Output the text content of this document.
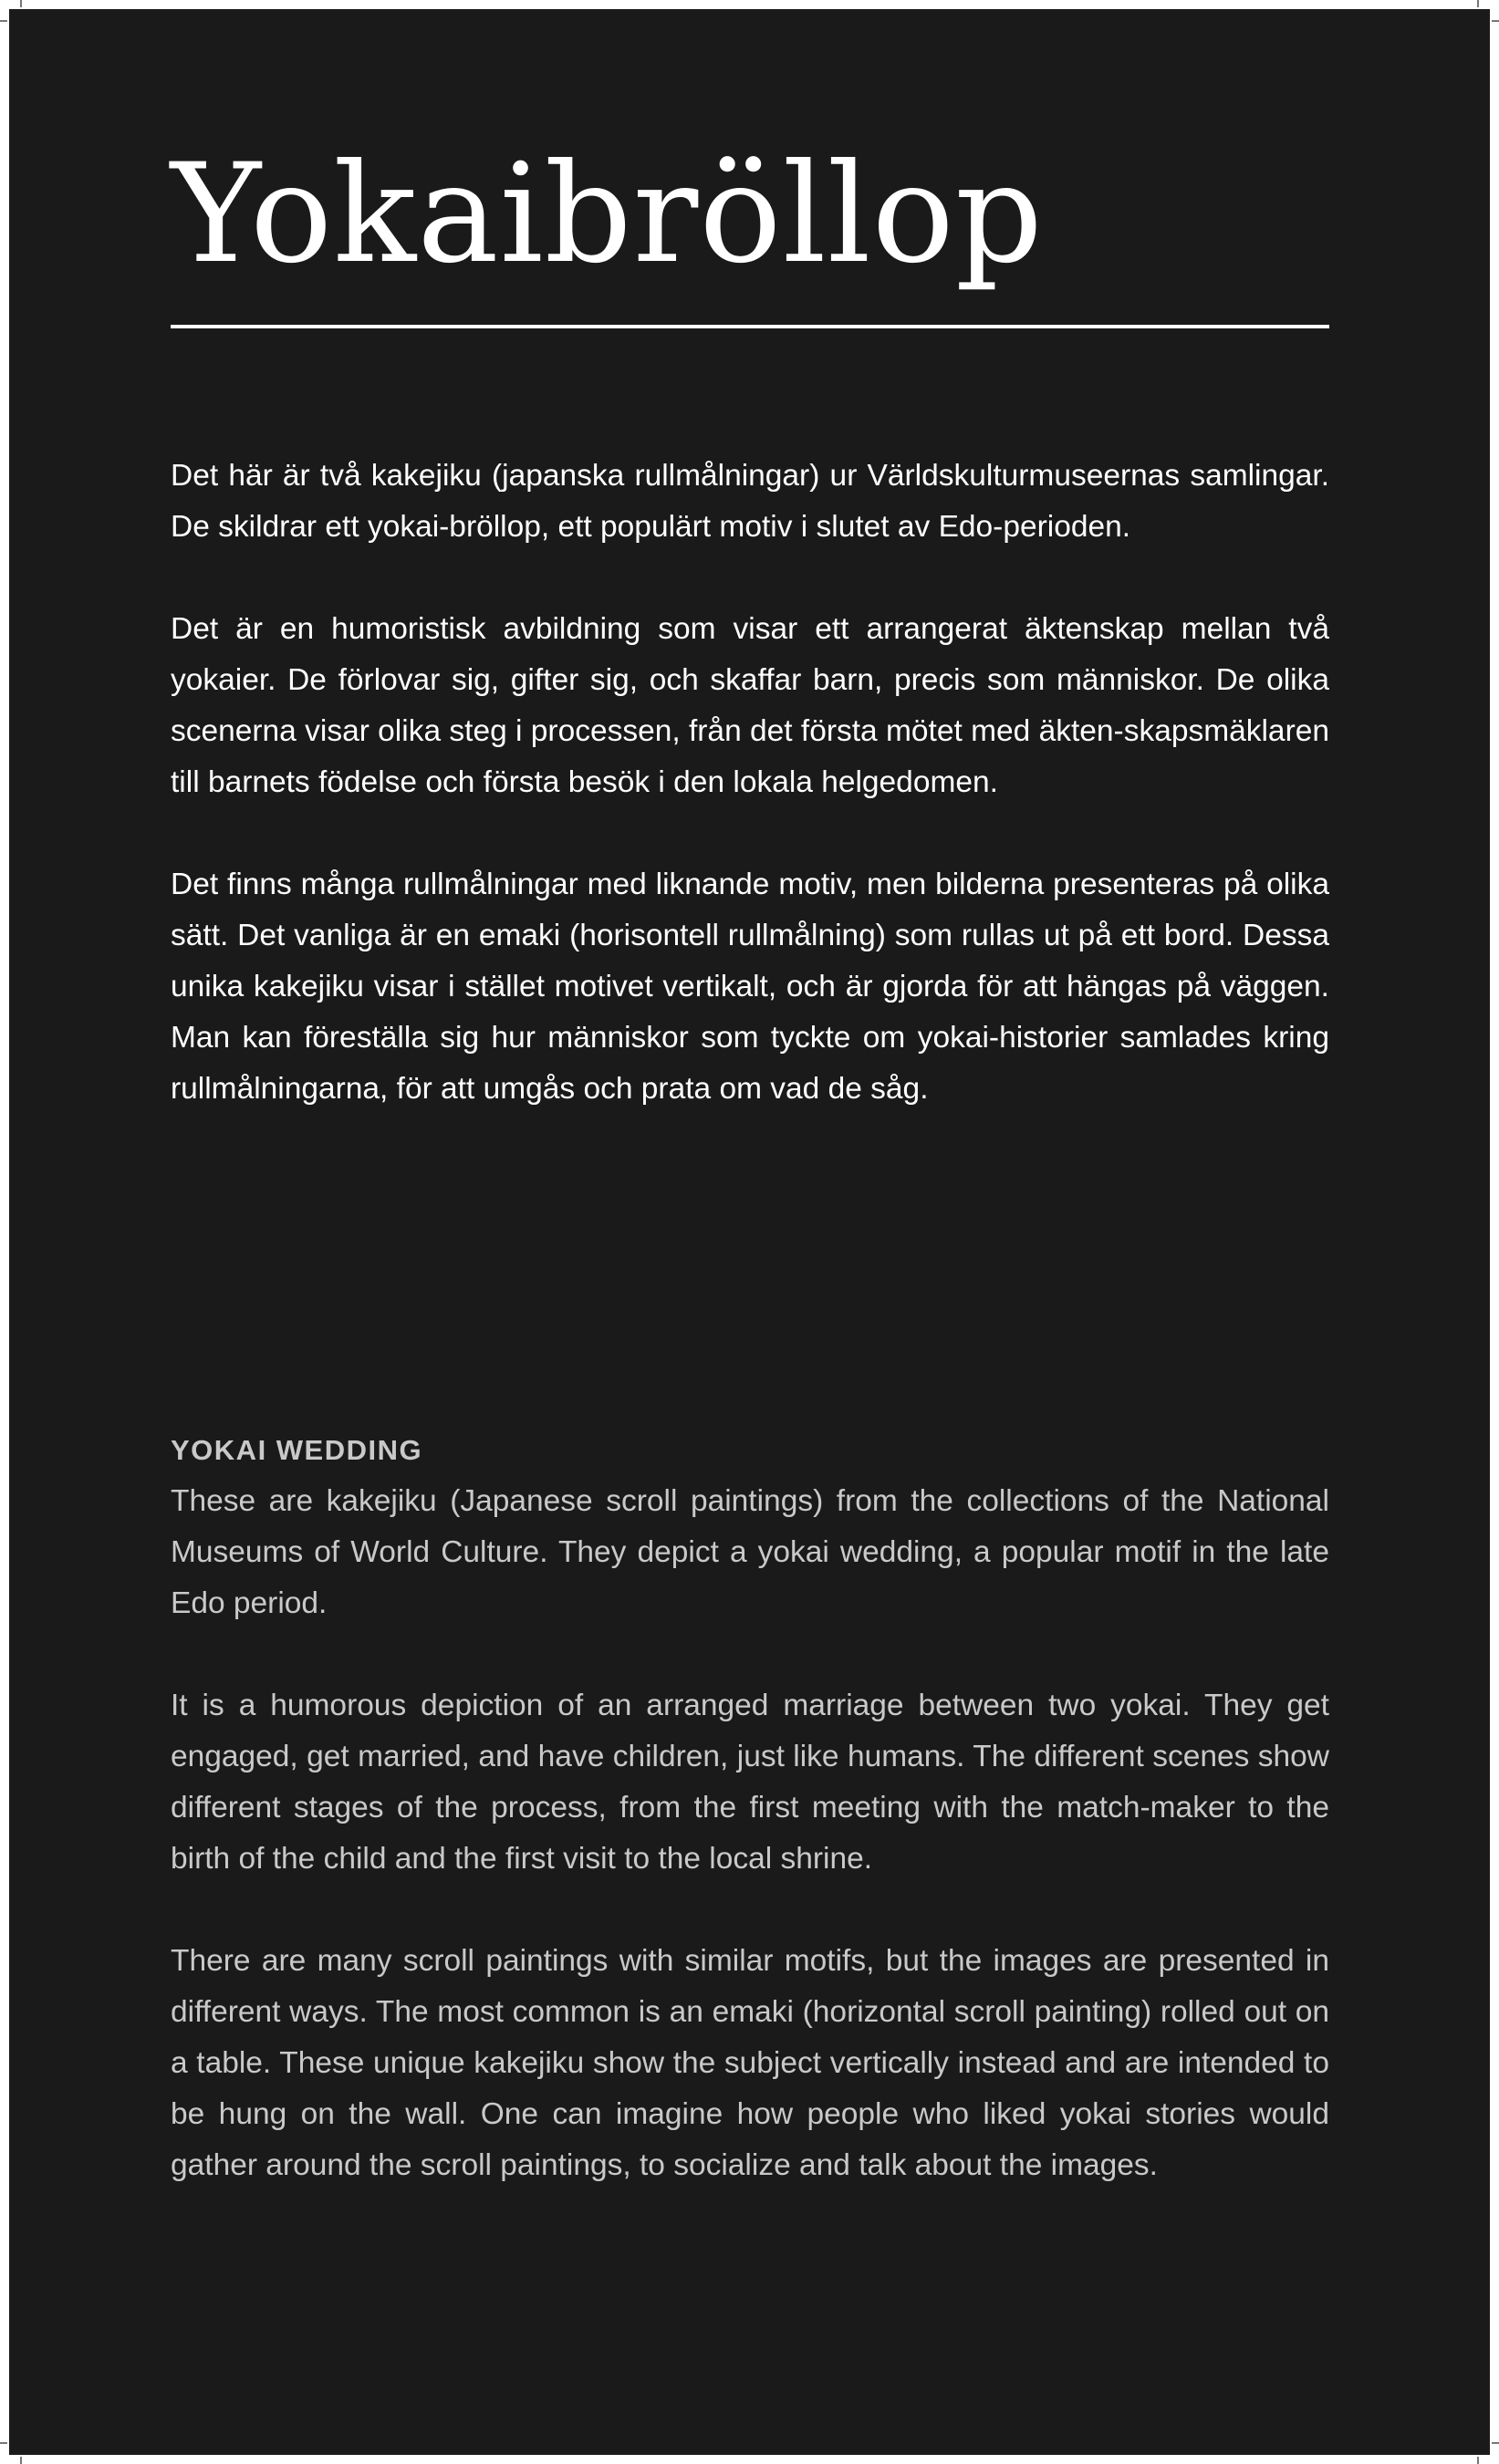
Yokaibröllop

Det här är två kakejiku (japanska rullmålningar) ur Världskulturmuseernas samlingar. De skildrar ett yokai-bröllop, ett populärt motiv i slutet av Edo-perioden.

Det är en humoristisk avbildning som visar ett arrangerat äktenskap mellan två yokaier. De förlovar sig, gifter sig, och skaffar barn, precis som människor. De olika scenerna visar olika steg i processen, från det första mötet med äkten-skapsmäklaren till barnets födelse och första besök i den lokala helgedomen.

Det finns många rullmålningar med liknande motiv, men bilderna presenteras på olika sätt. Det vanliga är en emaki (horisontell rullmålning) som rullas ut på ett bord. Dessa unika kakejiku visar i stället motivet vertikalt, och är gjorda för att hängas på väggen. Man kan föreställa sig hur människor som tyckte om yokai-historier samlades kring rullmålningarna, för att umgås och prata om vad de såg.

YOKAI WEDDING

These are kakejiku (Japanese scroll paintings) from the collections of the National Museums of World Culture. They depict a yokai wedding, a popular motif in the late Edo period.

It is a humorous depiction of an arranged marriage between two yokai. They get engaged, get married, and have children, just like humans. The different scenes show different stages of the process, from the first meeting with the match-maker to the birth of the child and the first visit to the local shrine.

There are many scroll paintings with similar motifs, but the images are presented in different ways. The most common is an emaki (horizontal scroll painting) rolled out on a table. These unique kakejiku show the subject vertically instead and are intended to be hung on the wall. One can imagine how people who liked yokai stories would gather around the scroll paintings, to socialize and talk about the images.
